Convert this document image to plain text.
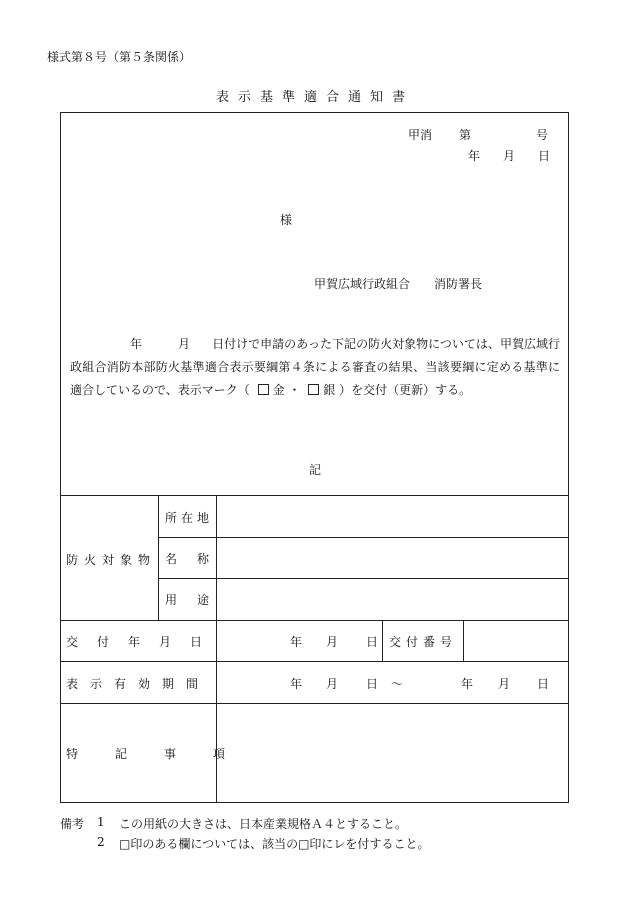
様式第８号（第５条関係）
表示基準適合通知書
甲消 第	号
年 月 日
様
甲賀広域行政組合　　消防署長
年	月 日付けで申請のあった下記の防火対象物については、甲賀広域行政組合消防本部防火基準適合表示要綱第４条による審査の結果、当該要綱に定める基準に適合しているので、表示マーク（ 金 ・ 銀 ）を交付（更新）する。
記
防火対象物
所在地
名　称
用　途
交付年月日	年 月 日 交付番号
表示有効期間	年 月 日 ～	年 月 日
特記事項
備考 1 この用紙の大きさは、日本産業規格Ａ４とすること。
2 □印のある欄については、該当の□印にレを付すること。
